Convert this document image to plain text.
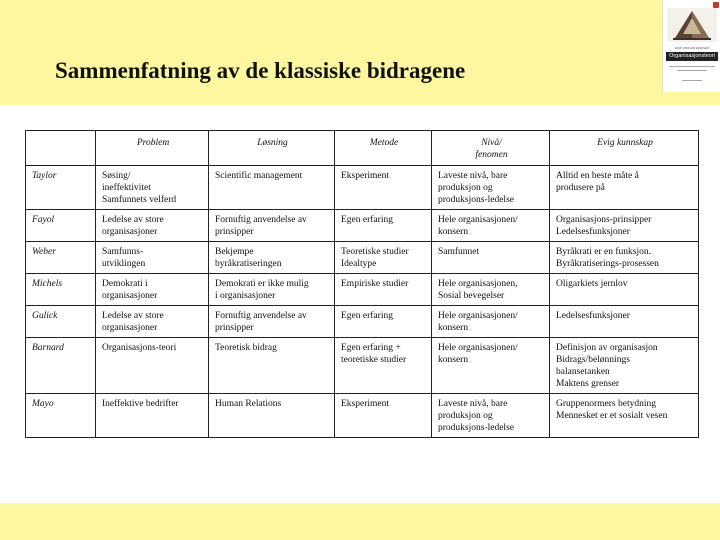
Sammenfatning av de klassiske bidragene
ERIK ODDVAR ERIKSEN
Organisasjonsteori

	Problem	Løsning	Metode	Nivå/
fenomen	Evig kunnskap

Taylor	Søsing/
ineffektivitet
Samfunnets velferd	Scientific management	Eksperiment	Laveste nivå, bare
produksjon og
produksjons-ledelse	Alltid en beste måte å
produsere på

Fayol	Ledelse av store
organisasjoner	Fornuftig anvendelse av
prinsipper	Egen erfaring	Hele organisasjonen/
konsern	Organisasjons-prinsipper
Ledelsesfunksjoner

Weber	Samfunns-
utviklingen	Bekjempe
byråkratiseringen	Teoretiske studier
Idealtype	Samfunnet	Byråkrati er en funksjon.
Byråkratiserings-prosessen

Michels	Demokrati i
organisasjoner	Demokrati er ikke mulig
i organisasjoner	Empiriske studier	Hele organisasjonen,
Sosial bevegelser	Oligarkiets jernlov

Gulick	Ledelse av store
organisasjoner	Fornuftig anvendelse av
prinsipper	Egen erfaring	Hele organisasjonen/
konsern	Ledelsesfunksjoner

Barnard	Organisasjons-teori	Teoretisk bidrag	Egen erfaring +
teoretiske studier	Hele organisasjonen/
konsern	Definisjon av organisasjon
Bidrags/belønnings
balansetanken
Maktens grenser

Mayo	Ineffektive bedrifter	Human Relations	Eksperiment	Laveste nivå, bare
produksjon og
produksjons-ledelse	Gruppenormers betydning
Mennesket er et sosialt vesen
